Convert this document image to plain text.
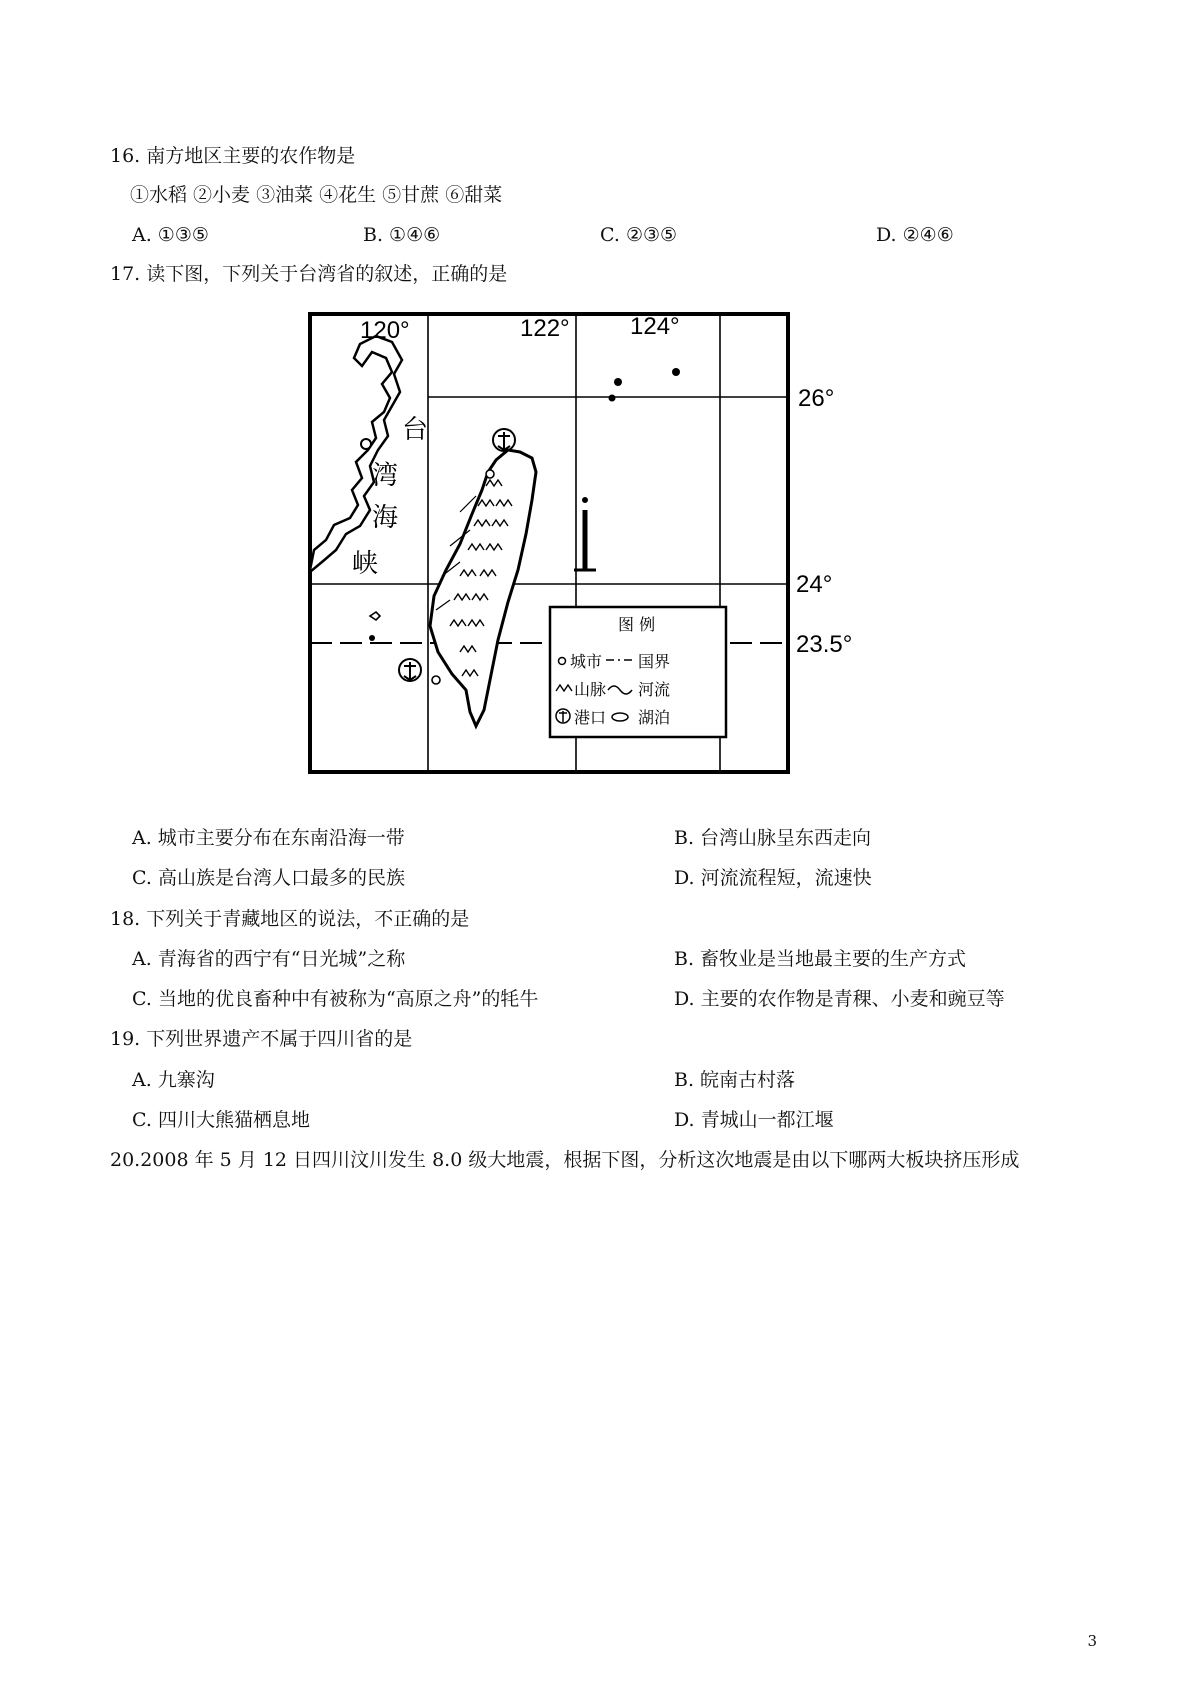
16. 南方地区主要的农作物是
①水稻 ②小麦 ③油菜 ④花生 ⑤甘蔗 ⑥甜菜
A. ①③⑤	B. ①④⑥	C. ②③⑤	D. ②④⑥
17. 读下图，下列关于台湾省的叙述，正确的是
120°	122°	124°
26°
24°
23.5°
台
湾
海
峡
图 例
城市 国界
山脉 河流
港口 湖泊
A. 城市主要分布在东南沿海一带	B. 台湾山脉呈东西走向
C. 高山族是台湾人口最多的民族	D. 河流流程短，流速快
18. 下列关于青藏地区的说法，不正确的是
A. 青海省的西宁有“日光城”之称	B. 畜牧业是当地最主要的生产方式
C. 当地的优良畜种中有被称为“高原之舟”的牦牛	D. 主要的农作物是青稞、小麦和豌豆等
19. 下列世界遗产不属于四川省的是
A. 九寨沟	B. 皖南古村落
C. 四川大熊猫栖息地	D. 青城山一都江堰
20.2008 年 5 月 12 日四川汶川发生 8.0 级大地震，根据下图，分析这次地震是由以下哪两大板块挤压形成
3
